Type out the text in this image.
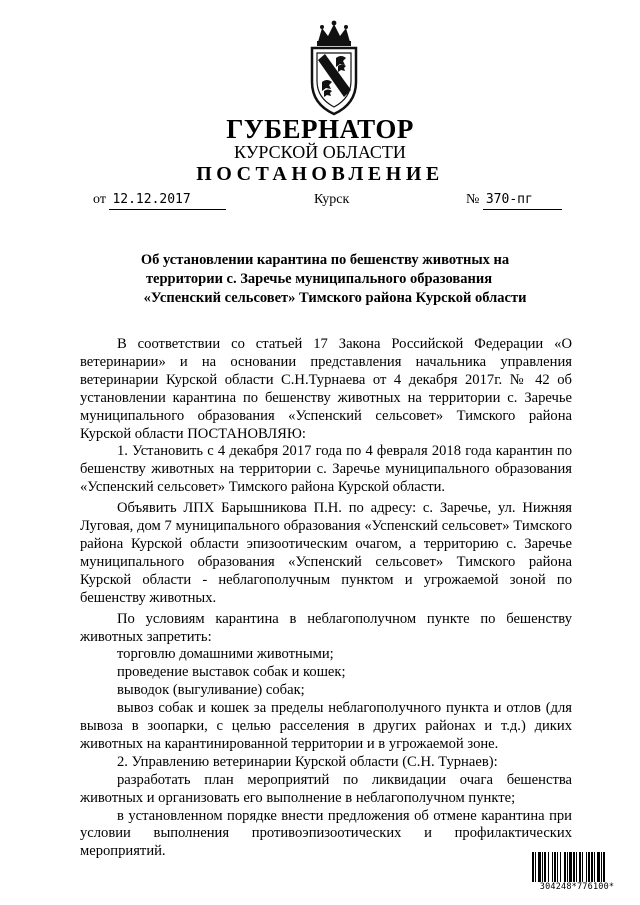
ГУБЕРНАТОР
КУРСКОЙ ОБЛАСТИ
ПОСТАНОВЛЕНИЕ
от 12.12.2017	Курск	№ 370-пг
Об установлении карантина по бешенству животных на
территории с. Заречье муниципального образования
«Успенский сельсовет» Тимского района Курской области

В соответствии со статьей 17 Закона Российской Федерации «О ветеринарии» и на основании представления начальника управления ветеринарии Курской области С.Н.Турнаева от 4 декабря 2017г. № 42 об установлении карантина по бешенству животных на территории с. Заречье муниципального образования «Успенский сельсовет» Тимского района Курской области ПОСТАНОВЛЯЮ:

1. Установить с 4 декабря 2017 года по 4 февраля 2018 года карантин по бешенству животных на территории с. Заречье муниципального образования «Успенский сельсовет» Тимского района Курской области.

Объявить ЛПХ Барышникова П.Н. по адресу: с. Заречье, ул. Нижняя Луговая, дом 7 муниципального образования «Успенский сельсовет» Тимского района Курской области эпизоотическим очагом, а территорию с. Заречье муниципального образования «Успенский сельсовет» Тимского района Курской области - неблагополучным пунктом и угрожаемой зоной по бешенству животных.

По условиям карантина в неблагополучном пункте по бешенству животных запретить:

торговлю домашними животными;

проведение выставок собак и кошек;

выводок (выгуливание) собак;

вывоз собак и кошек за пределы неблагополучного пункта и отлов (для вывоза в зоопарки, с целью расселения в других районах и т.д.) диких животных на карантинированной территории и в угрожаемой зоне.

2. Управлению ветеринарии Курской области (С.Н. Турнаев):

разработать план мероприятий по ликвидации очага бешенства животных и организовать его выполнение в неблагополучном пункте;

в установленном порядке внести предложения об отмене карантина при условии выполнения противоэпизоотических и профилактических мероприятий.

304248*776100*
